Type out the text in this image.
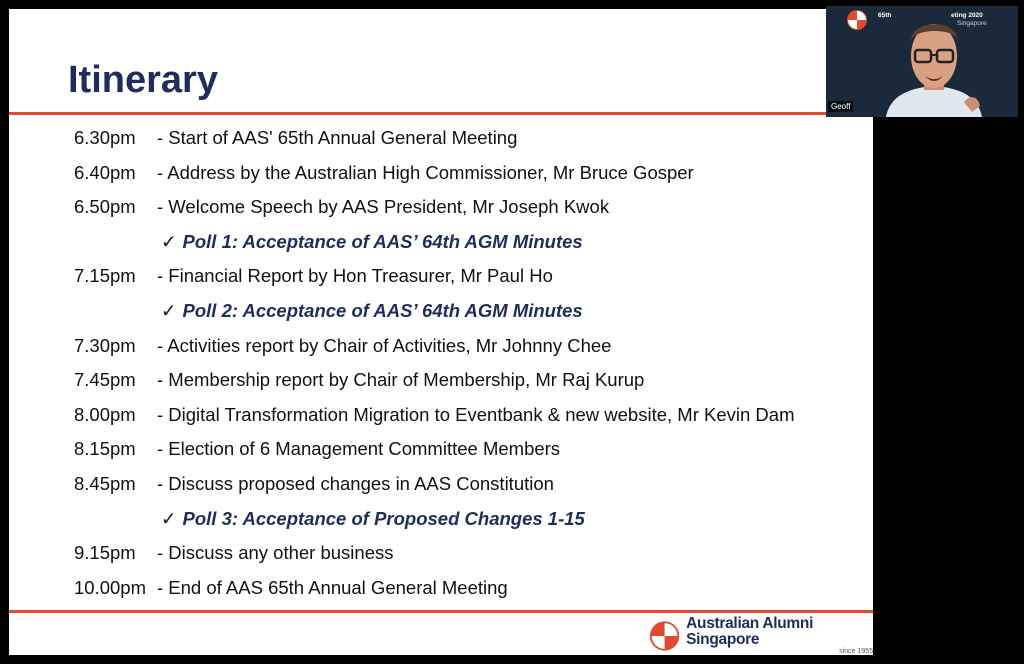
Itinerary
6.30pm - Start of AAS' 65th Annual General Meeting
6.40pm - Address by the Australian High Commissioner, Mr Bruce Gosper
6.50pm - Welcome Speech by AAS President, Mr Joseph Kwok
✓ Poll 1: Acceptance of AAS’ 64th AGM Minutes
7.15pm - Financial Report by Hon Treasurer, Mr Paul Ho
✓ Poll 2: Acceptance of AAS’ 64th AGM Minutes
7.30pm - Activities report by Chair of Activities, Mr Johnny Chee
7.45pm - Membership report by Chair of Membership, Mr Raj Kurup
8.00pm - Digital Transformation Migration to Eventbank & new website, Mr Kevin Dam
8.15pm - Election of 6 Management Committee Members
8.45pm - Discuss proposed changes in AAS Constitution
✓ Poll 3: Acceptance of Proposed Changes 1-15
9.15pm - Discuss any other business
10.00pm - End of AAS 65th Annual General Meeting
Australian Alumni Singapore
since 1955
65th	eting 2020
Singapore
Geoff
